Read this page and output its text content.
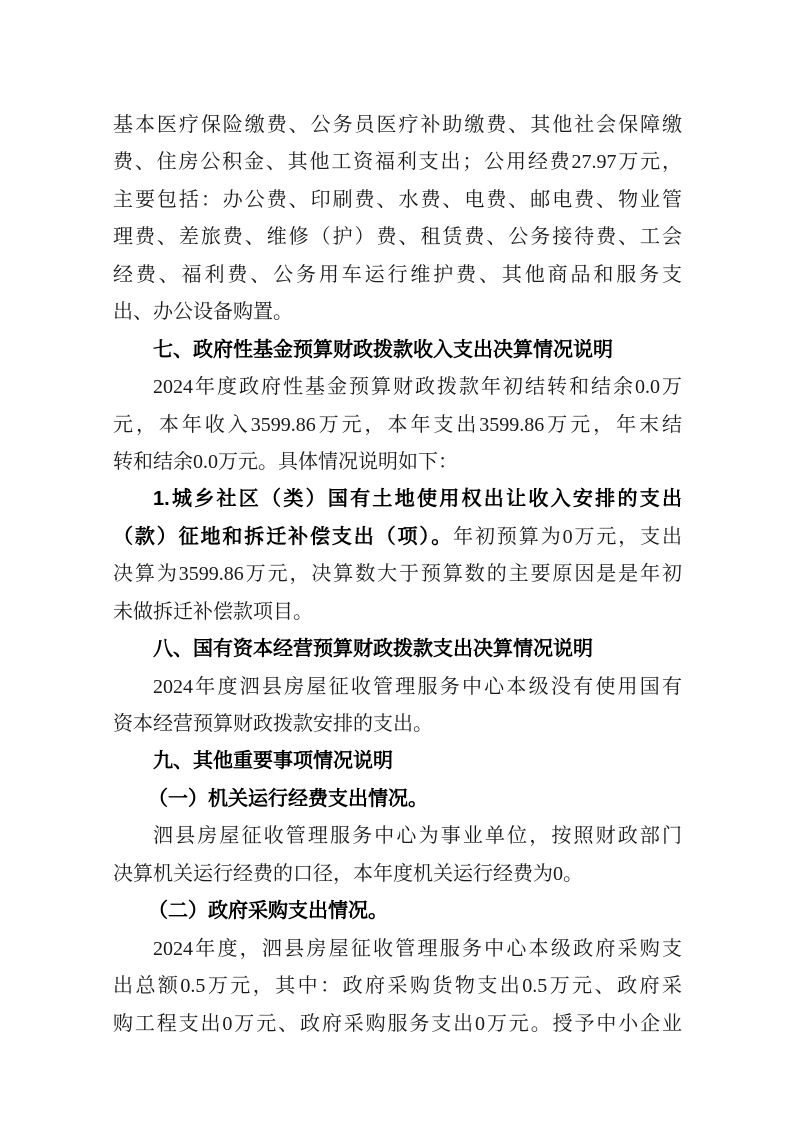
基本医疗保险缴费、公务员医疗补助缴费、其他社会保障缴
费、住房公积金、其他工资福利支出；公用经费27.97万元，
主要包括：办公费、印刷费、水费、电费、邮电费、物业管
理费、差旅费、维修（护）费、租赁费、公务接待费、工会
经费、福利费、公务用车运行维护费、其他商品和服务支
出、办公设备购置。
七、政府性基金预算财政拨款收入支出决算情况说明
2024年度政府性基金预算财政拨款年初结转和结余0.0万
元，本年收入3599.86万元，本年支出3599.86万元，年末结
转和结余0.0万元。具体情况说明如下：
1.城乡社区（类）国有土地使用权出让收入安排的支出
（款）征地和拆迁补偿支出（项）。年初预算为0万元，支出
决算为3599.86万元，决算数大于预算数的主要原因是是年初
未做拆迁补偿款项目。
八、国有资本经营预算财政拨款支出决算情况说明
2024年度泗县房屋征收管理服务中心本级没有使用国有
资本经营预算财政拨款安排的支出。
九、其他重要事项情况说明
（一）机关运行经费支出情况。
泗县房屋征收管理服务中心为事业单位，按照财政部门
决算机关运行经费的口径，本年度机关运行经费为0。
（二）政府采购支出情况。
2024年度，泗县房屋征收管理服务中心本级政府采购支
出总额0.5万元，其中：政府采购货物支出0.5万元、政府采
购工程支出0万元、政府采购服务支出0万元。授予中小企业
